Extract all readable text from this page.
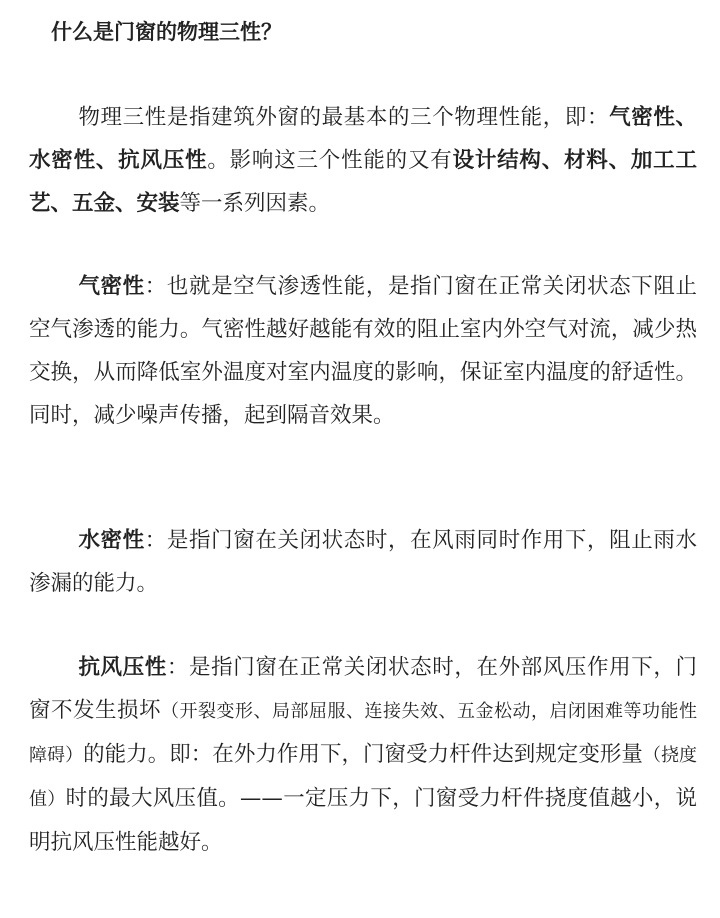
什么是门窗的物理三性？

物理三性是指建筑外窗的最基本的三个物理性能，即：气密性、水密性、抗风压性。影响这三个性能的又有设计结构、材料、加工工艺、五金、安装等一系列因素。

气密性：也就是空气渗透性能，是指门窗在正常关闭状态下阻止空气渗透的能力。气密性越好越能有效的阻止室内外空气对流，减少热交换，从而降低室外温度对室内温度的影响，保证室内温度的舒适性。同时，减少噪声传播，起到隔音效果。

水密性：是指门窗在关闭状态时，在风雨同时作用下，阻止雨水渗漏的能力。

抗风压性：是指门窗在正常关闭状态时，在外部风压作用下，门窗不发生损坏（开裂变形、局部屈服、连接失效、五金松动，启闭困难等功能性障碍）的能力。即：在外力作用下，门窗受力杆件达到规定变形量（挠度值）时的最大风压值。——一定压力下，门窗受力杆件挠度值越小，说明抗风压性能越好。
